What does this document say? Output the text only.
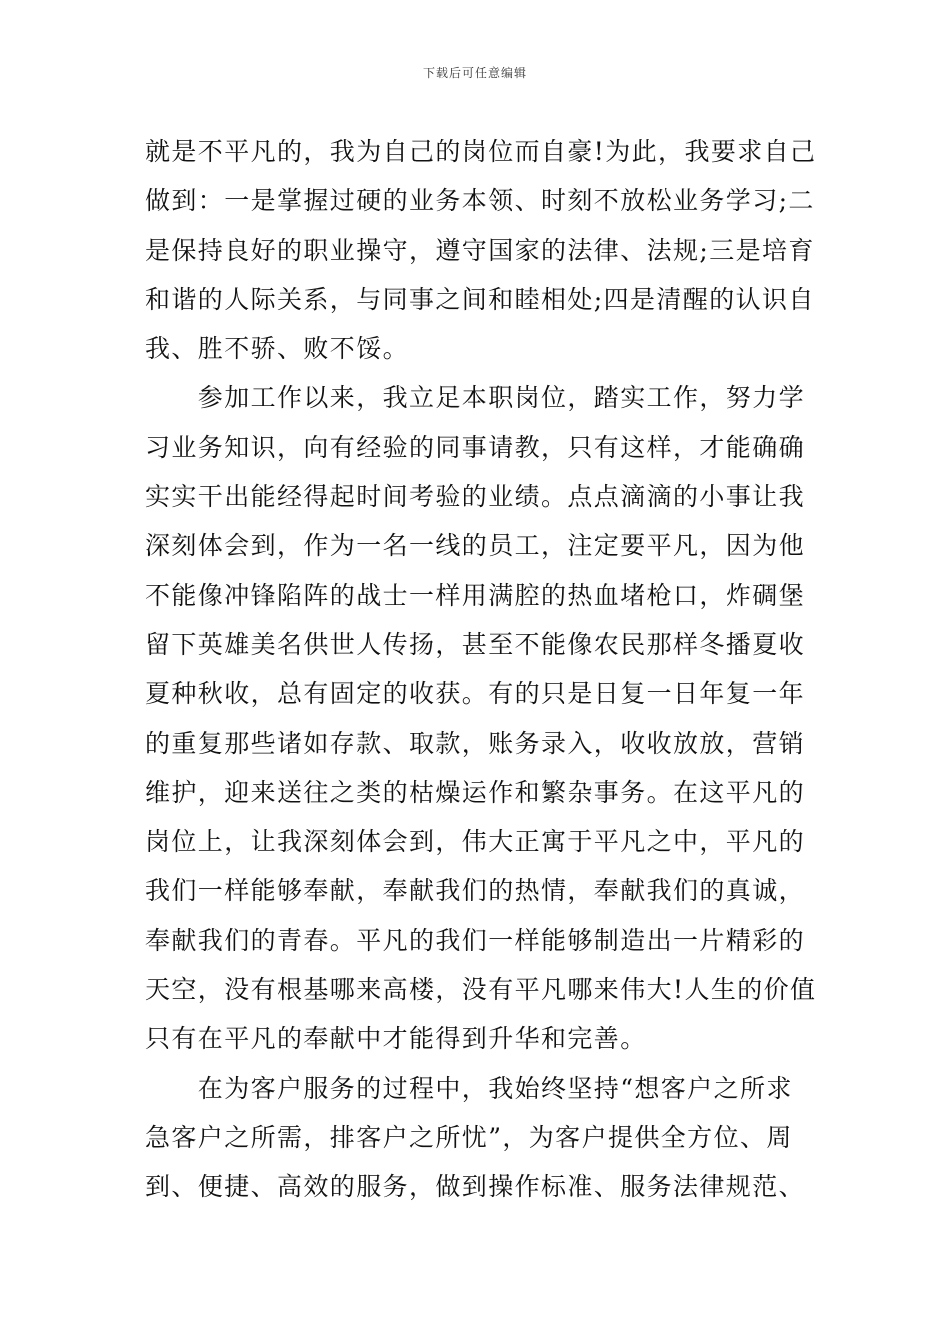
下载后可任意编辑
就是不平凡的，我为自己的岗位而自豪!为此，我要求自己
做到：一是掌握过硬的业务本领、时刻不放松业务学习;二
是保持良好的职业操守，遵守国家的法律、法规;三是培育
和谐的人际关系，与同事之间和睦相处;四是清醒的认识自
我、胜不骄、败不馁。
　　参加工作以来，我立足本职岗位，踏实工作，努力学
习业务知识，向有经验的同事请教，只有这样，才能确确
实实干出能经得起时间考验的业绩。点点滴滴的小事让我
深刻体会到，作为一名一线的员工，注定要平凡，因为他
不能像冲锋陷阵的战士一样用满腔的热血堵枪口，炸碉堡
留下英雄美名供世人传扬，甚至不能像农民那样冬播夏收
夏种秋收，总有固定的收获。有的只是日复一日年复一年
的重复那些诸如存款、取款，账务录入，收收放放，营销
维护，迎来送往之类的枯燥运作和繁杂事务。在这平凡的
岗位上，让我深刻体会到，伟大正寓于平凡之中，平凡的
我们一样能够奉献，奉献我们的热情，奉献我们的真诚，
奉献我们的青春。平凡的我们一样能够制造出一片精彩的
天空，没有根基哪来高楼，没有平凡哪来伟大!人生的价值
只有在平凡的奉献中才能得到升华和完善。
　　在为客户服务的过程中，我始终坚持“想客户之所求
急客户之所需，排客户之所忧”，为客户提供全方位、周
到、便捷、高效的服务，做到操作标准、服务法律规范、
